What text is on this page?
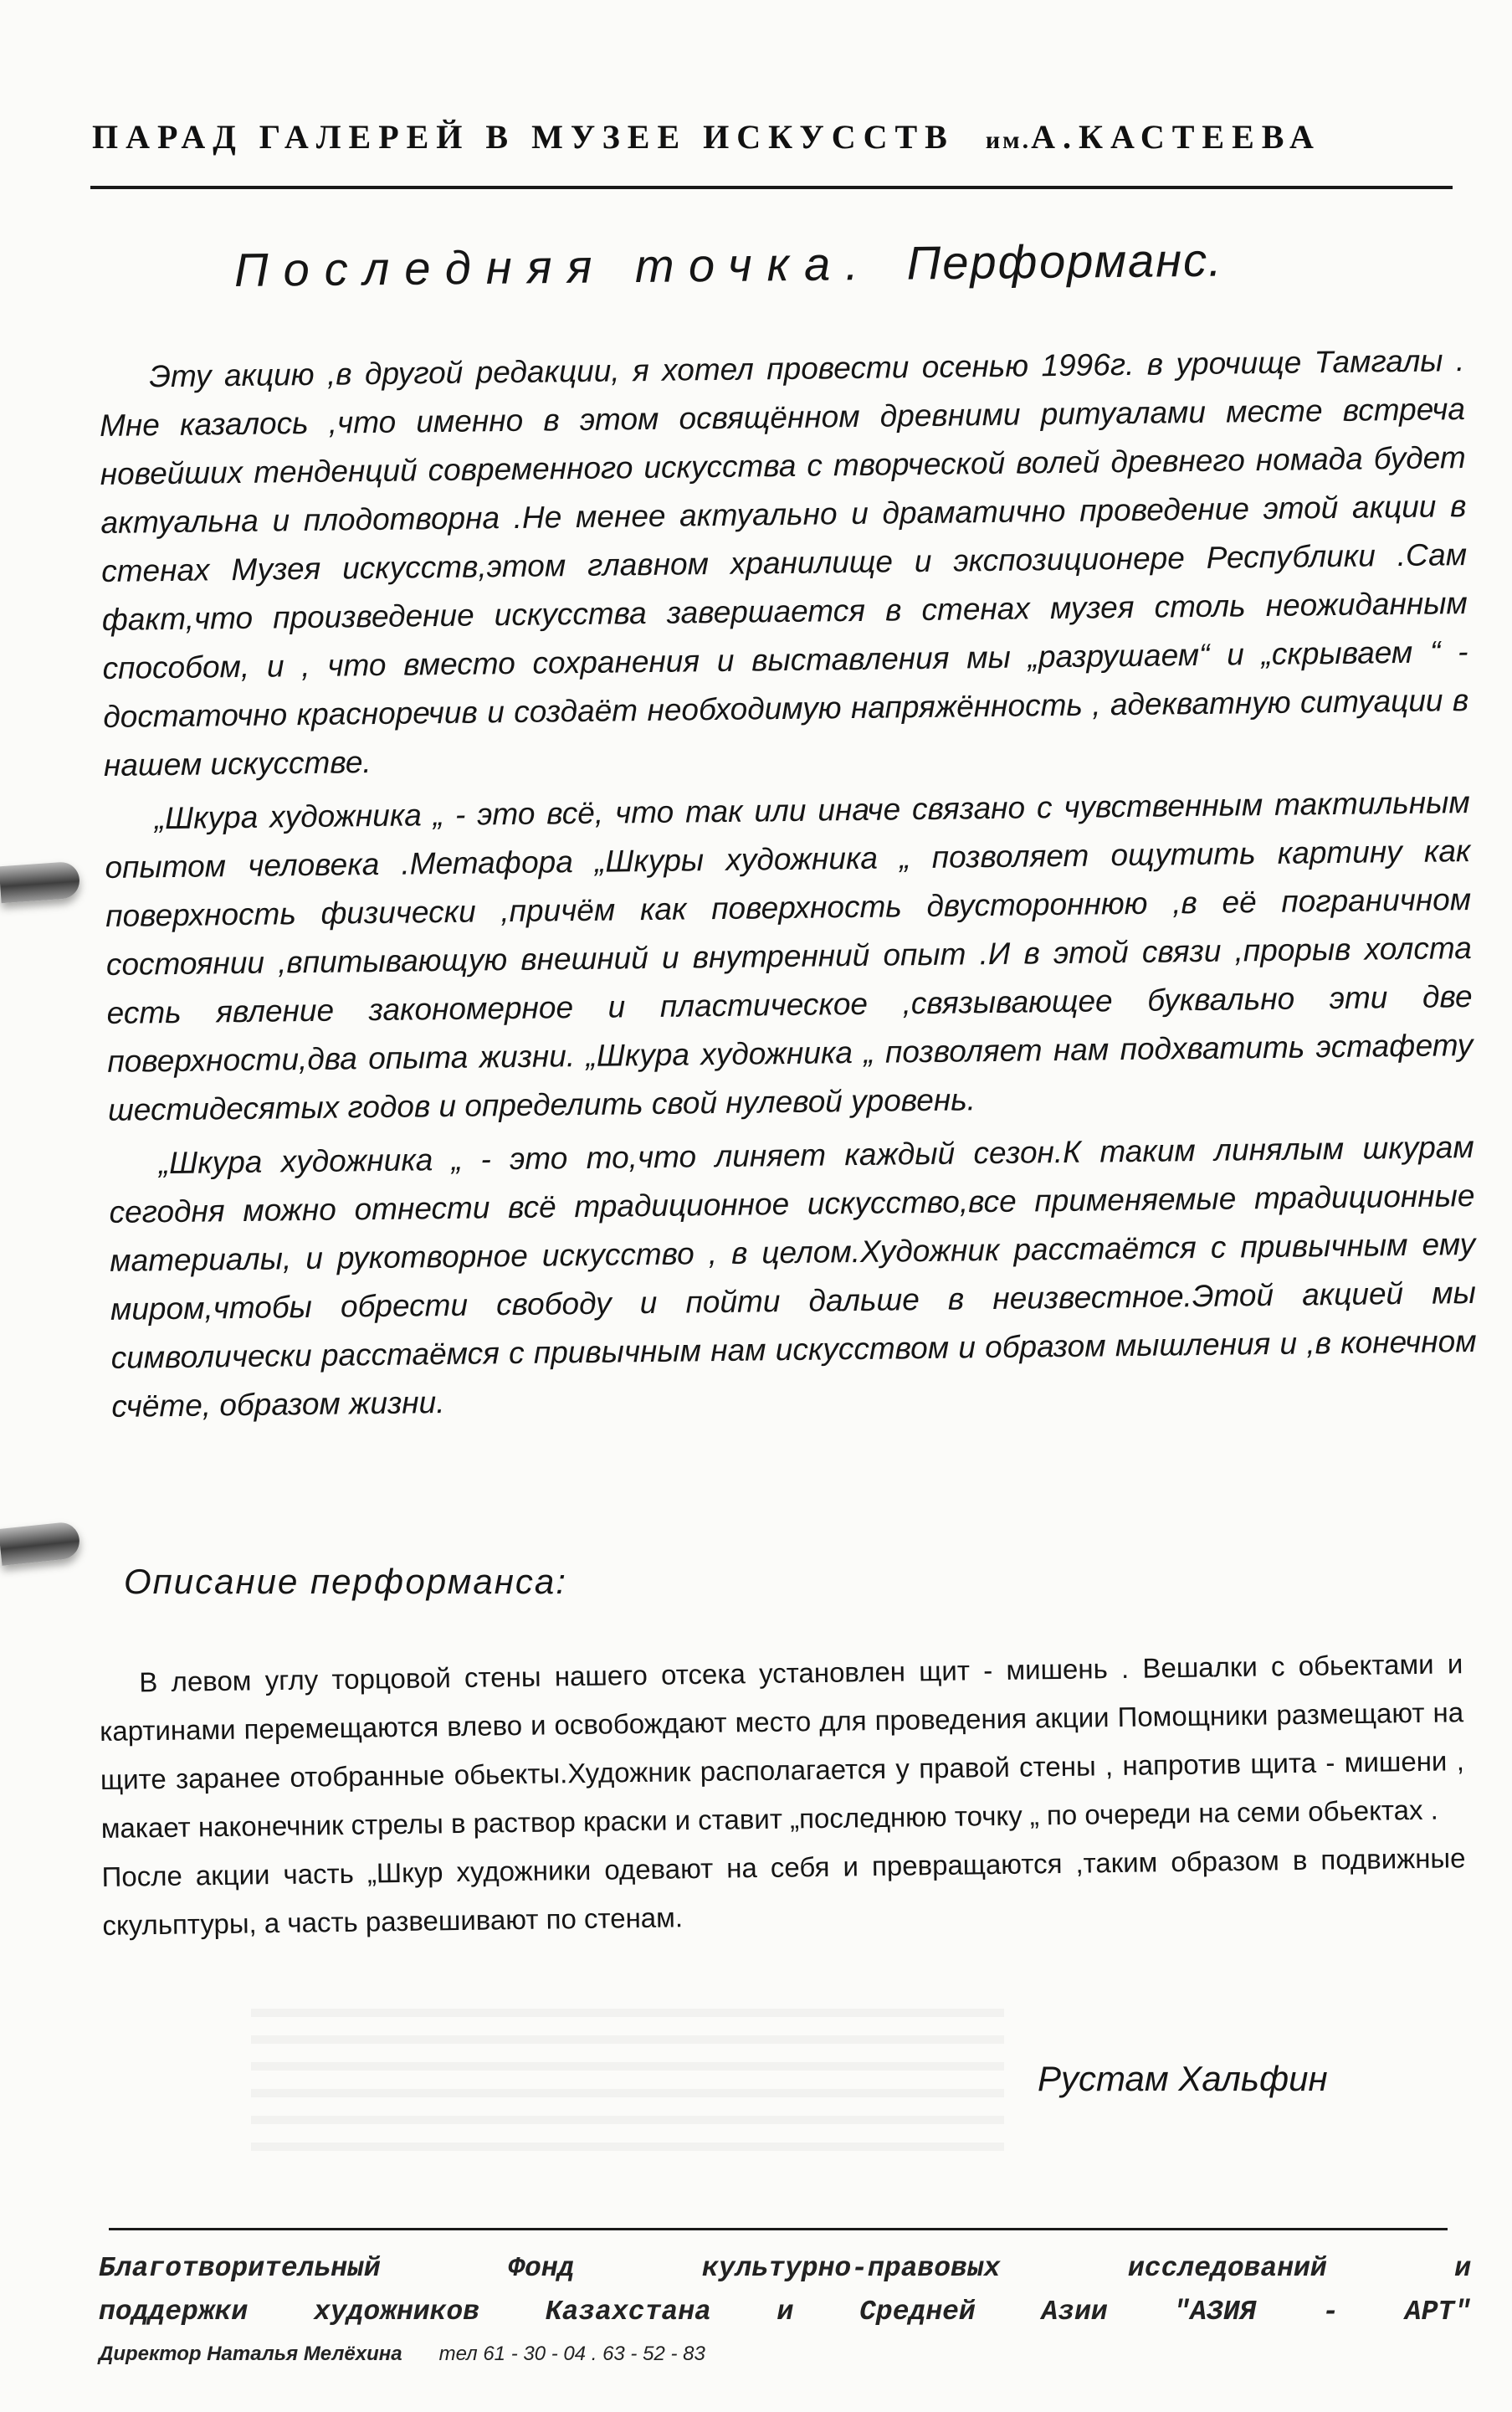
ПАРАД ГАЛЕРЕЙ В МУЗЕЕ ИСКУССТВ им.А.КАСТЕЕВА
Последняя точка. Перформанс.

Эту акцию ,в другой редакции, я хотел провести осенью 1996г. в урочище Тамгалы . Мне казалось ,что именно в этом освящённом древними ритуалами месте встреча новейших тенденций современного искусства с творческой волей древнего номада будет актуальна и плодотворна .Не менее актуально и драматично проведение этой акции в стенах Музея искусств,этом главном хранилище и экспозиционере Республики .Сам факт,что произведение искусства завершается в стенах музея столь неожиданным способом, и , что вместо сохранения и выставления мы „разрушаем“ и „скрываем “ - достаточно красноречив и создаёт необходимую напряжённость , адекватную ситуации в нашем искусстве.

„Шкура художника „ - это всё, что так или иначе связано с чувственным тактильным опытом человека .Метафора „Шкуры художника „ позволяет ощутить картину как поверхность физически ,причём как поверхность двустороннюю ,в её пограничном состоянии ,впитывающую внешний и внутренний опыт .И в этой связи ,прорыв холста есть явление закономерное и пластическое ,связывающее буквально эти две поверхности,два опыта жизни. „Шкура художника „ позволяет нам подхватить эстафету шестидесятых годов и определить свой нулевой уровень.

„Шкура художника „ - это то,что линяет каждый сезон.К таким линялым шкурам сегодня можно отнести всё традиционное искусство,все применяемые традиционные материалы, и рукотворное искусство , в целом.Художник расстаётся с привычным ему миром,чтобы обрести свободу и пойти дальше в неизвестное.Этой акцией мы символически расстаёмся с привычным нам искусством и образом мышления и ,в конечном счёте, образом жизни.

Описание перформанса:

В левом углу торцовой стены нашего отсека установлен щит - мишень . Вешалки с обьектами и картинами перемещаются влево и освобождают место для проведения акции Помощники размещают на щите заранее отобранные обьекты.Художник располагается у правой стены , напротив щита - мишени , макает наконечник стрелы в раствор краски и ставит „последнюю точку „ по очереди на семи обьектах .

После акции часть „Шкур художники одевают на себя и превращаются ,таким образом в подвижные скульптуры, а часть развешивают по стенам.

Рустам Хальфин
Благотворительный Фонд культурно-правовых исследований и
поддержки художников Казахстана и Средней Азии "АЗИЯ - АРТ"
Директор Наталья Мелёхина тел 61 - 30 - 04 . 63 - 52 - 83
